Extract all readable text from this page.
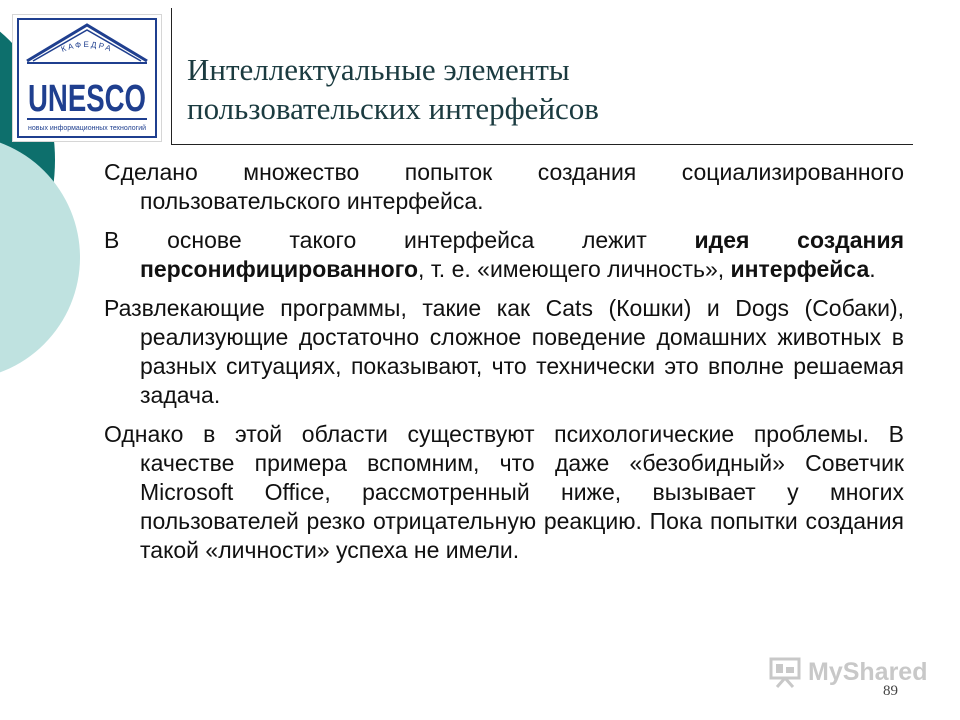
КАФЕДРА
UNESCO
новых информационных технологий
Интеллектуальные элементы
пользовательских интерфейсов

Сделано множество попыток создания социализированного пользовательского интерфейса.

В основе такого интерфейса лежит идея создания персонифицированного, т. е. «имеющего личность», интерфейса.

Развлекающие программы, такие как Cats (Кошки) и Dogs (Собаки), реализующие достаточно сложное поведение домашних животных в разных ситуациях, показывают, что технически это вполне решаемая задача.

Однако в этой области существуют психологические проблемы. В качестве примера вспомним, что даже «безобидный» Советчик Microsoft Office, рассмотренный ниже, вызывает у многих пользователей резко отрицательную реакцию. Пока попытки создания такой «личности» успеха не имели.

MyShared
89
